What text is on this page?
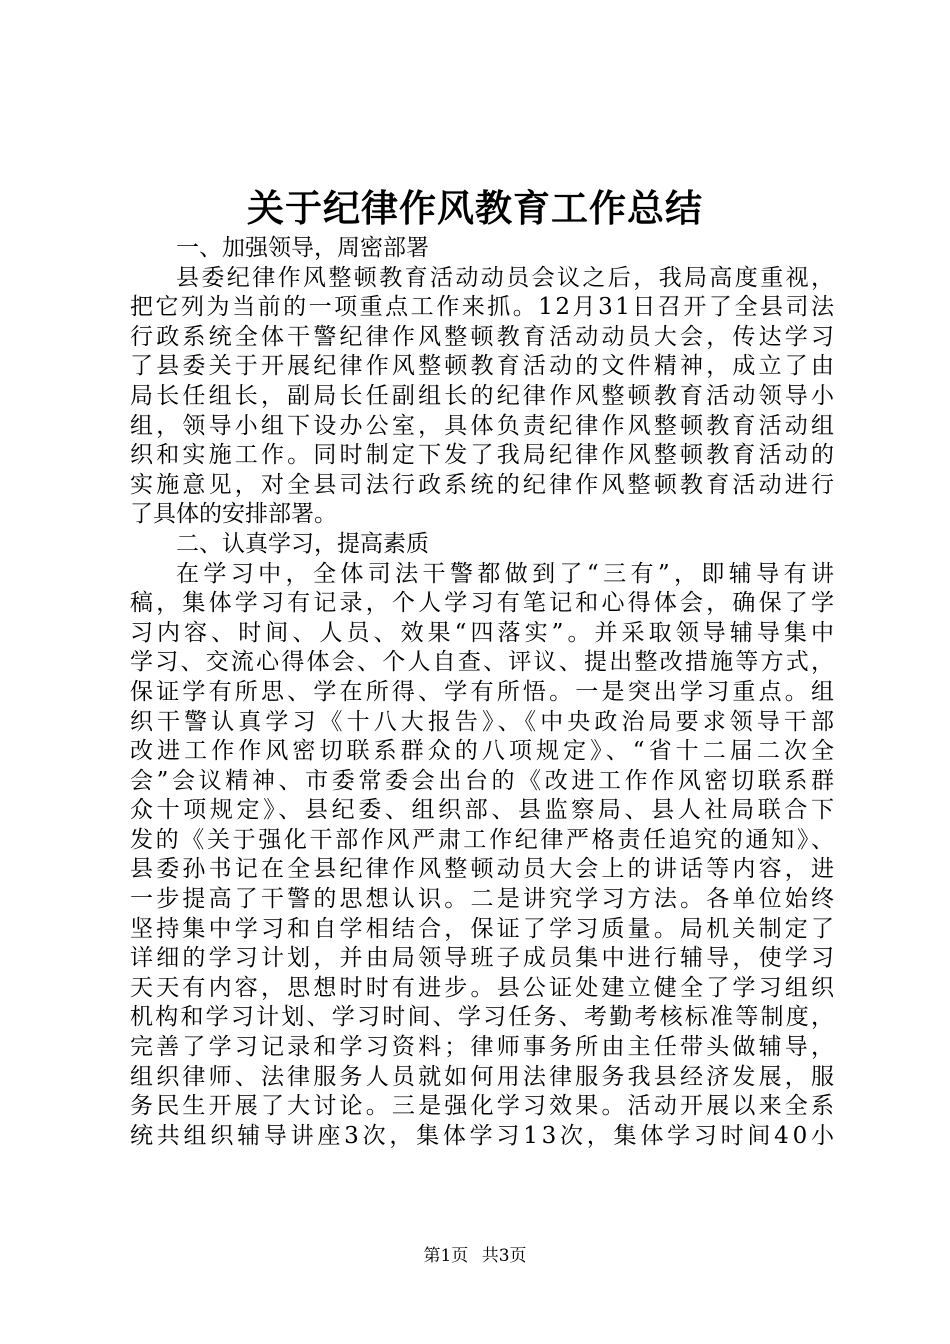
关于纪律作风教育工作总结
一、加强领导，周密部署
县委纪律作风整顿教育活动动员会议之后，我局高度重视，
把它列为当前的一项重点工作来抓。12月31日召开了全县司法
行政系统全体干警纪律作风整顿教育活动动员大会，传达学习
了县委关于开展纪律作风整顿教育活动的文件精神，成立了由
局长任组长，副局长任副组长的纪律作风整顿教育活动领导小
组，领导小组下设办公室，具体负责纪律作风整顿教育活动组
织和实施工作。同时制定下发了我局纪律作风整顿教育活动的
实施意见，对全县司法行政系统的纪律作风整顿教育活动进行
了具体的安排部署。
二、认真学习，提高素质
在学习中，全体司法干警都做到了“三有”，即辅导有讲
稿，集体学习有记录，个人学习有笔记和心得体会，确保了学
习内容、时间、人员、效果“四落实”。并采取领导辅导集中
学习、交流心得体会、个人自查、评议、提出整改措施等方式，
保证学有所思、学在所得、学有所悟。一是突出学习重点。组
织干警认真学习《十八大报告》、《中央政治局要求领导干部
改进工作作风密切联系群众的八项规定》、“省十二届二次全
会”会议精神、市委常委会出台的《改进工作作风密切联系群
众十项规定》、县纪委、组织部、县监察局、县人社局联合下
发的《关于强化干部作风严肃工作纪律严格责任追究的通知》、
县委孙书记在全县纪律作风整顿动员大会上的讲话等内容，进
一步提高了干警的思想认识。二是讲究学习方法。各单位始终
坚持集中学习和自学相结合，保证了学习质量。局机关制定了
详细的学习计划，并由局领导班子成员集中进行辅导，使学习
天天有内容，思想时时有进步。县公证处建立健全了学习组织
机构和学习计划、学习时间、学习任务、考勤考核标准等制度，
完善了学习记录和学习资料；律师事务所由主任带头做辅导，
组织律师、法律服务人员就如何用法律服务我县经济发展，服
务民生开展了大讨论。三是强化学习效果。活动开展以来全系
统共组织辅导讲座3次，集体学习13次，集体学习时间40小
第1页 共3页
